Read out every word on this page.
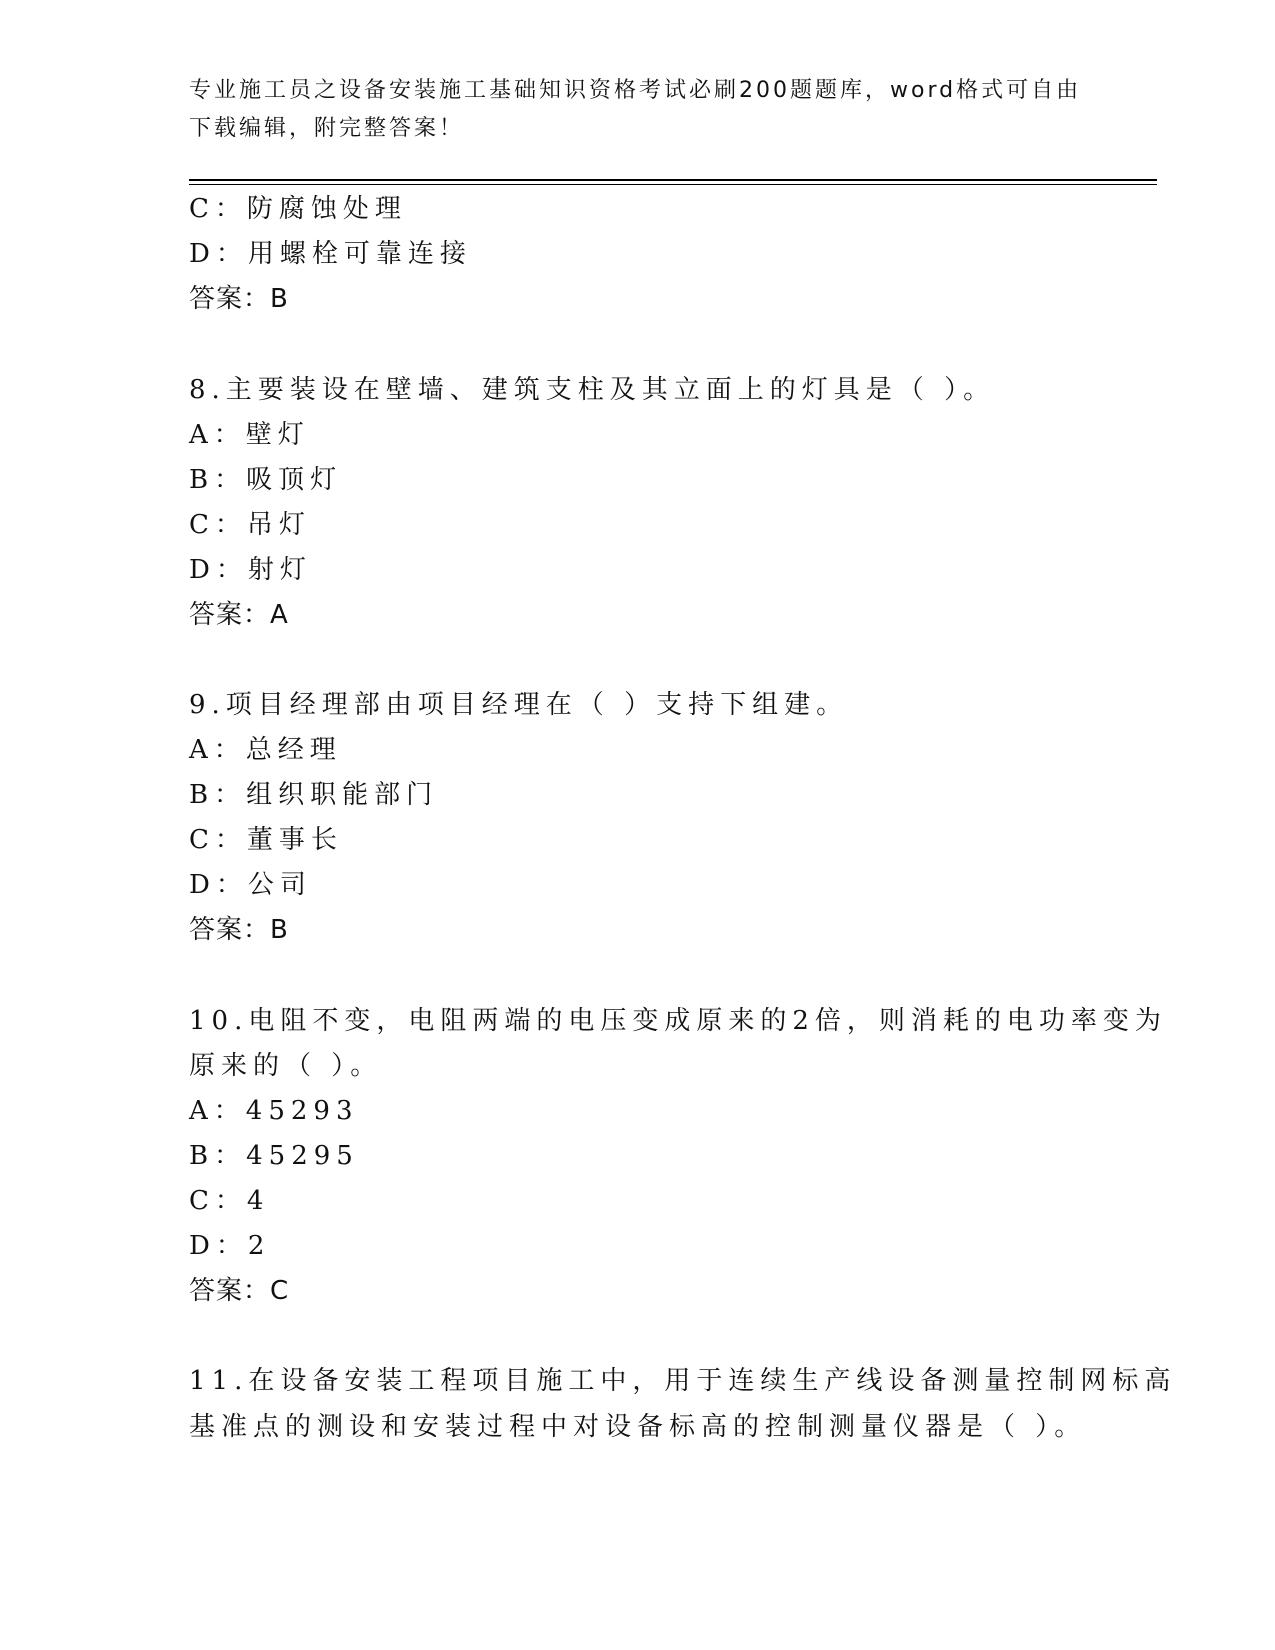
专业施工员之设备安装施工基础知识资格考试必刷200题题库，word格式可自由
下载编辑，附完整答案！
C：防腐蚀处理
D：用螺栓可靠连接
答案：B
8.主要装设在壁墙、建筑支柱及其立面上的灯具是（ ）。
A：壁灯
B：吸顶灯
C：吊灯
D：射灯
答案：A
9.项目经理部由项目经理在（ ）支持下组建。
A：总经理
B：组织职能部门
C：董事长
D：公司
答案：B
10.电阻不变，电阻两端的电压变成原来的2倍，则消耗的电功率变为
原来的（ ）。
A：45293
B：45295
C：4
D：2
答案：C
11.在设备安装工程项目施工中，用于连续生产线设备测量控制网标高
基准点的测设和安装过程中对设备标高的控制测量仪器是（ ）。
